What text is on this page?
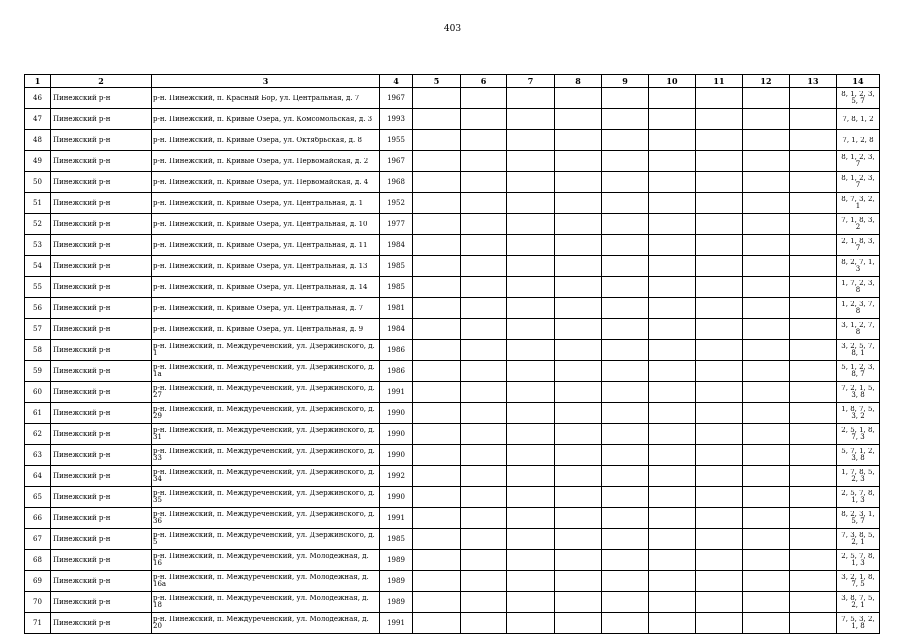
403
1	2	3	4	5	6	7	8	9	10	11	12	13	14
46	Пинежский р-н	р-н. Пинежский, п. Красный Бор, ул. Центральная, д. 7	1967										8, 1, 2, 3, 5, 7

47	Пинежский р-н	р-н. Пинежский, п. Кривые Озера, ул. Комсомольская, д. 3	1993										7, 8, 1, 2

48	Пинежский р-н	р-н. Пинежский, п. Кривые Озера, ул. Октябрьская, д. 8	1955										7, 1, 2, 8

49	Пинежский р-н	р-н. Пинежский, п. Кривые Озера, ул. Первомайская, д. 2	1967										8, 1, 2, 3, 7

50	Пинежский р-н	р-н. Пинежский, п. Кривые Озера, ул. Первомайская, д. 4	1968										8, 1, 2, 3, 7

51	Пинежский р-н	р-н. Пинежский, п. Кривые Озера, ул. Центральная, д. 1	1952										8, 7, 3, 2, 1

52	Пинежский р-н	р-н. Пинежский, п. Кривые Озера, ул. Центральная, д. 10	1977										7, 1, 8, 3, 2

53	Пинежский р-н	р-н. Пинежский, п. Кривые Озера, ул. Центральная, д. 11	1984										2, 1, 8, 3, 7

54	Пинежский р-н	р-н. Пинежский, п. Кривые Озера, ул. Центральная, д. 13	1985										8, 2, 7, 1, 3

55	Пинежский р-н	р-н. Пинежский, п. Кривые Озера, ул. Центральная, д. 14	1985										1, 7, 2, 3, 8

56	Пинежский р-н	р-н. Пинежский, п. Кривые Озера, ул. Центральная, д. 7	1981										1, 2, 3, 7, 8

57	Пинежский р-н	р-н. Пинежский, п. Кривые Озера, ул. Центральная, д. 9	1984										3, 1, 2, 7, 8

58	Пинежский р-н	р-н. Пинежский, п. Междуреченский, ул. Дзержинского, д. 1	1986										3, 2, 5, 7, 8, 1

59	Пинежский р-н	р-н. Пинежский, п. Междуреченский, ул. Дзержинского, д. 1а	1986										5, 1, 2, 3, 8, 7

60	Пинежский р-н	р-н. Пинежский, п. Междуреченский, ул. Дзержинского, д. 27	1991										7, 2, 1, 5, 3, 8

61	Пинежский р-н	р-н. Пинежский, п. Междуреченский, ул. Дзержинского, д. 29	1990										1, 8, 7, 5, 3, 2

62	Пинежский р-н	р-н. Пинежский, п. Междуреченский, ул. Дзержинского, д. 31	1990										2, 5, 1, 8, 7, 3

63	Пинежский р-н	р-н. Пинежский, п. Междуреченский, ул. Дзержинского, д. 33	1990										5, 7, 1, 2, 3, 8

64	Пинежский р-н	р-н. Пинежский, п. Междуреченский, ул. Дзержинского, д. 34	1992										1, 7, 8, 5, 2, 3

65	Пинежский р-н	р-н. Пинежский, п. Междуреченский, ул. Дзержинского, д. 35	1990										2, 5, 7, 8, 1, 3

66	Пинежский р-н	р-н. Пинежский, п. Междуреченский, ул. Дзержинского, д. 36	1991										8, 2, 3, 1, 5, 7

67	Пинежский р-н	р-н. Пинежский, п. Междуреченский, ул. Дзержинского, д. 5	1985										7, 3, 8, 5, 2, 1

68	Пинежский р-н	р-н. Пинежский, п. Междуреченский, ул. Молодежная, д. 16	1989										2, 5, 7, 8, 1, 3

69	Пинежский р-н	р-н. Пинежский, п. Междуреченский, ул. Молодежная, д. 16а	1989										3, 2, 1, 8, 7, 5

70	Пинежский р-н	р-н. Пинежский, п. Междуреченский, ул. Молодежная, д. 18	1989										3, 8, 7, 5, 2, 1

71	Пинежский р-н	р-н. Пинежский, п. Междуреченский, ул. Молодежная, д. 20	1991										7, 5, 3, 2, 1, 8
